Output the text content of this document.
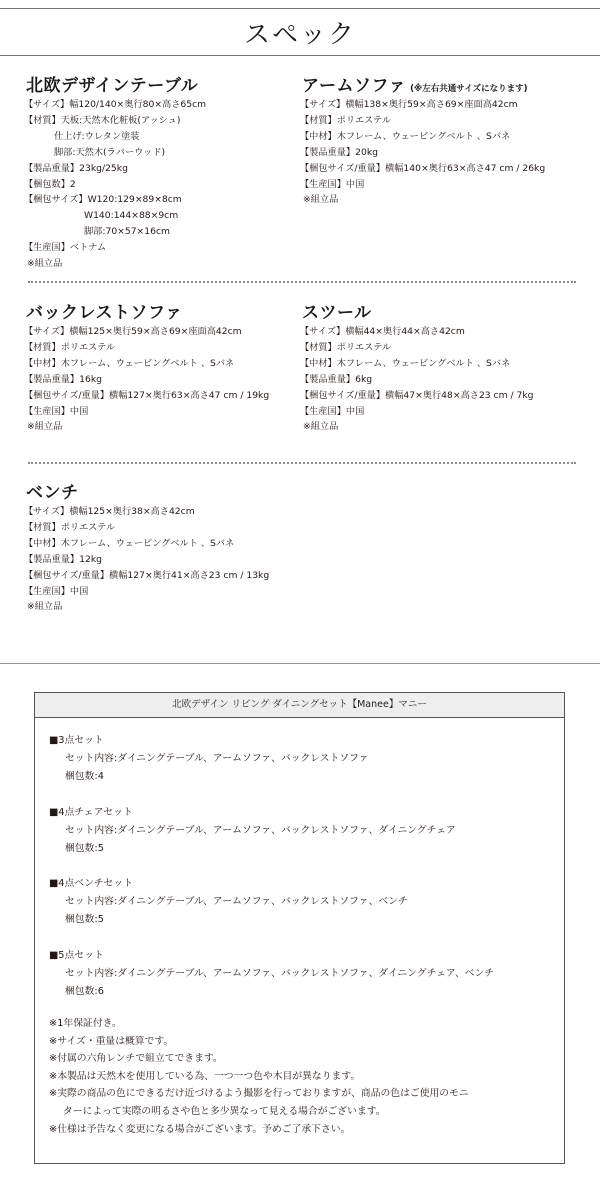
スペック
北欧デザインテーブル
【サイズ】幅120/140×奥行80×高さ65cm
【材質】天板:天然木化粧板(アッシュ)
仕上げ:ウレタン塗装
脚部:天然木(ラバーウッド)
【製品重量】23kg/25kg
【梱包数】2
【梱包サイズ】W120:129×89×8cm
W140:144×88×9cm
脚部:70×57×16cm
【生産国】ベトナム
※組立品
アームソファ (※左右共通サイズになります)
【サイズ】横幅138×奥行59×高さ69×座面高42cm
【材質】ポリエステル
【中材】木フレーム、ウェービングベルト 、Sバネ
【製品重量】20kg
【梱包サイズ/重量】横幅140×奥行63×高さ47 cm / 26kg
【生産国】中国
※組立品
バックレストソファ
【サイズ】横幅125×奥行59×高さ69×座面高42cm
【材質】ポリエステル
【中材】木フレーム、ウェービングベルト 、Sバネ
【製品重量】16kg
【梱包サイズ/重量】横幅127×奥行63×高さ47 cm / 19kg
【生産国】中国
※組立品
スツール
【サイズ】横幅44×奥行44×高さ42cm
【材質】ポリエステル
【中材】木フレーム、ウェービングベルト 、Sバネ
【製品重量】6kg
【梱包サイズ/重量】横幅47×奥行48×高さ23 cm / 7kg
【生産国】中国
※組立品
ベンチ
【サイズ】横幅125×奥行38×高さ42cm
【材質】ポリエステル
【中材】木フレーム、ウェービングベルト 、Sバネ
【製品重量】12kg
【梱包サイズ/重量】横幅127×奥行41×高さ23 cm / 13kg
【生産国】中国
※組立品
北欧デザイン リビング ダイニングセット【Manee】マニー
■3点セット
セット内容:ダイニングテーブル、アームソファ、バックレストソファ
梱包数:4
■4点チェアセット
セット内容:ダイニングテーブル、アームソファ、バックレストソファ、ダイニングチェア
梱包数:5
■4点ベンチセット
セット内容:ダイニングテーブル、アームソファ、バックレストソファ、ベンチ
梱包数:5
■5点セット
セット内容:ダイニングテーブル、アームソファ、バックレストソファ、ダイニングチェア、ベンチ
梱包数:6
※1年保証付き。
※サイズ・重量は概算です。
※付属の六角レンチで組立てできます。
※本製品は天然木を使用している為、一つ一つ色や木目が異なります。
※実際の商品の色にできるだけ近づけるよう撮影を行っておりますが、商品の色はご使用のモニ
ターによって実際の明るさや色と多少異なって見える場合がございます。
※仕様は予告なく変更になる場合がございます。予めご了承下さい。
